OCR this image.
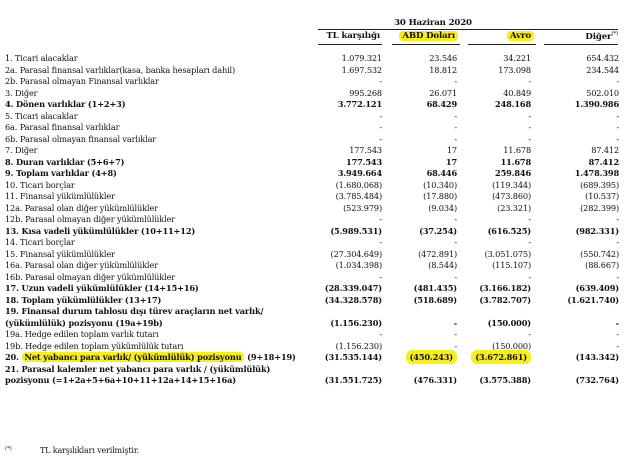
30 Haziran 2020
TL karşılığı	ABD Doları	Avro	Diğer(*)
1. Ticari alacaklar	1.079.321	23.546	34.221	654.432
2a. Parasal finansal varlıklar(kasa, banka hesapları dahil)	1.697.532	18.812	173.098	234.544
2b. Parasal olmayan Finansal varlıklar	-	-	-	-
3. Diğer	995.268	26.071	40.849	502.010
4. Dönen varlıklar (1+2+3)	3.772.121	68.429	248.168	1.390.986
5. Ticari alacaklar	-	-	-	-
6a. Parasal finansal varlıklar	-	-	-	-
6b. Parasal olmayan finansal varlıklar	-	-	-	-
7. Diğer	177.543	17	11.678	87.412
8. Duran varlıklar (5+6+7)	177.543	17	11.678	87.412
9. Toplam varlıklar (4+8)	3.949.664	68.446	259.846	1.478.398
10. Ticari borçlar	(1.680.068)	(10.340)	(119.344)	(689.395)
11. Finansal yükümlülükler	(3.785.484)	(17.880)	(473.860)	(10.537)
12a. Parasal olan diğer yükümlülükler	(523.979)	(9.034)	(23.321)	(282.399)
12b. Parasal olmayan diğer yükümlülükler	-	-	-	-
13. Kısa vadeli yükümlülükler (10+11+12)	(5.989.531)	(37.254)	(616.525)	(982.331)
14. Ticari borçlar	-	-	-	-
15. Finansal yükümlülükler	(27.304.649)	(472.891)	(3.051.075)	(550.742)
16a. Parasal olan diğer yükümlülükler	(1.034.398)	(8.544)	(115.107)	(88.667)
16b. Parasal olmayan diğer yükümlülükler	-	-	-	-
17. Uzun vadeli yükümlülükler (14+15+16)	(28.339.047)	(481.435)	(3.166.182)	(639.409)
18. Toplam yükümlülükler (13+17)	(34.328.578)	(518.689)	(3.782.707)	(1.621.740)
19. Finansal durum tablosu dışı türev araçların net varlık/ (yükümlülük) pozisyonu (19a+19b)	(1.156.230)	-	(150.000)	-
19a. Hedge edilen toplam varlık tutarı	-	-	-	-
19b. Hedge edilen toplam yükümlülük tutarı	(1.156.230)	-	(150.000)	-
20. Net yabancı para varlık/ (yükümlülük) pozisyonu (9+18+19)	(31.535.144)	(450.243)	(3.672.861)	(143.342)
21. Parasal kalemler net yabancı para varlık / (yükümlülük) pozisyonu (=1+2a+5+6a+10+11+12a+14+15+16a)	(31.551.725)	(476.331)	(3.575.388)	(732.764)
(*)	TL karşılıkları verilmiştir.
